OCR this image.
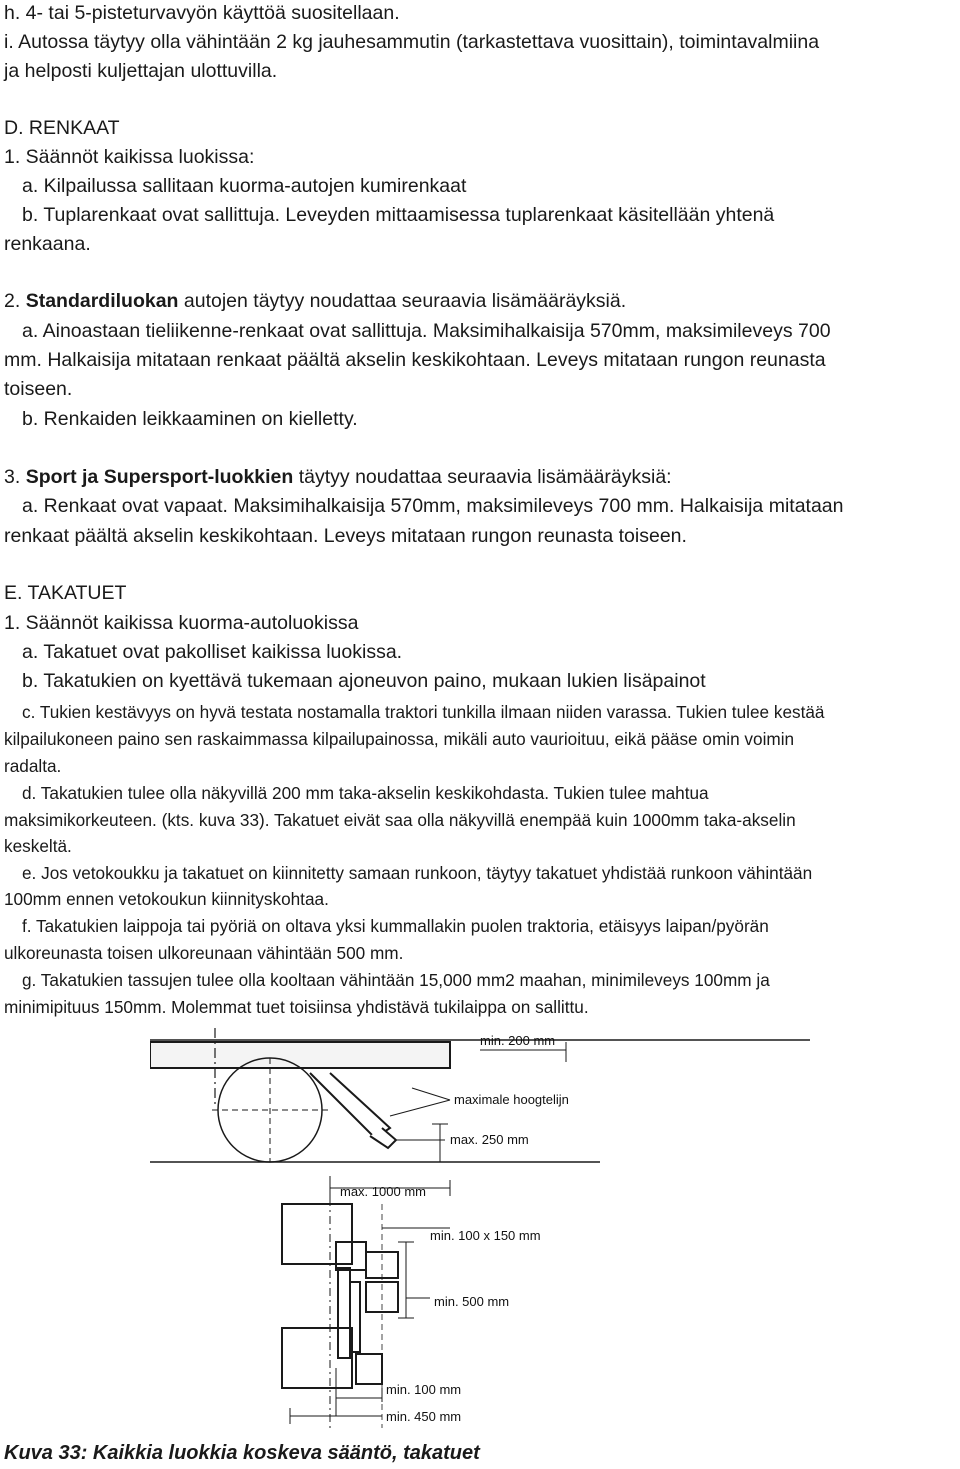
h. 4- tai 5-pisteturvavyön käyttöä suositellaan.
i. Autossa täytyy olla vähintään 2 kg jauhesammutin (tarkastettava vuosittain), toimintavalmiina
ja helposti kuljettajan ulottuvilla.
D. RENKAAT
1. Säännöt kaikissa luokissa:
a. Kilpailussa sallitaan kuorma-autojen kumirenkaat
b. Tuplarenkaat ovat sallittuja. Leveyden mittaamisessa tuplarenkaat käsitellään yhtenä
renkaana.
2. Standardiluokan autojen täytyy noudattaa seuraavia lisämääräyksiä.
a. Ainoastaan tieliikenne-renkaat ovat sallittuja. Maksimihalkaisija 570mm, maksimileveys 700
mm. Halkaisija mitataan renkaat päältä akselin keskikohtaan. Leveys mitataan rungon reunasta
toiseen.
b. Renkaiden leikkaaminen on kielletty.
3. Sport ja Supersport-luokkien täytyy noudattaa seuraavia lisämääräyksiä:
a. Renkaat ovat vapaat. Maksimihalkaisija 570mm, maksimileveys 700 mm. Halkaisija mitataan
renkaat päältä akselin keskikohtaan. Leveys mitataan rungon reunasta toiseen.
E. TAKATUET
1. Säännöt kaikissa kuorma-autoluokissa
a. Takatuet ovat pakolliset kaikissa luokissa.
b. Takatukien on kyettävä tukemaan ajoneuvon paino, mukaan lukien lisäpainot
c. Tukien kestävyys on hyvä testata nostamalla traktori tunkilla ilmaan niiden varassa. Tukien tulee kestää
kilpailukoneen paino sen raskaimmassa kilpailupainossa, mikäli auto vaurioituu, eikä pääse omin voimin
radalta.
d. Takatukien tulee olla näkyvillä 200 mm taka-akselin keskikohdasta. Tukien tulee mahtua
maksimikorkeuteen. (kts. kuva 33). Takatuet eivät saa olla näkyvillä enempää kuin 1000mm taka-akselin
keskeltä.
e. Jos vetokoukku ja takatuet on kiinnitetty samaan runkoon, täytyy takatuet yhdistää runkoon vähintään
100mm ennen vetokoukun kiinnityskohtaa.
f. Takatukien laippoja tai pyöriä on oltava yksi kummallakin puolen traktoria, etäisyys laipan/pyörän
ulkoreunasta toisen ulkoreunaan vähintään 500 mm.
g. Takatukien tassujen tulee olla kooltaan vähintään 15,000 mm2 maahan, minimileveys 100mm ja
minimipituus 150mm. Molemmat tuet toisiinsa yhdistävä tukilaippa on sallittu.
min. 200 mm
maximale hoogtelijn
max. 250 mm
max. 1000 mm
min. 100 x 150 mm
min. 500 mm
min. 100 mm
min. 450 mm
Kuva 33: Kaikkia luokkia koskeva sääntö, takatuet
